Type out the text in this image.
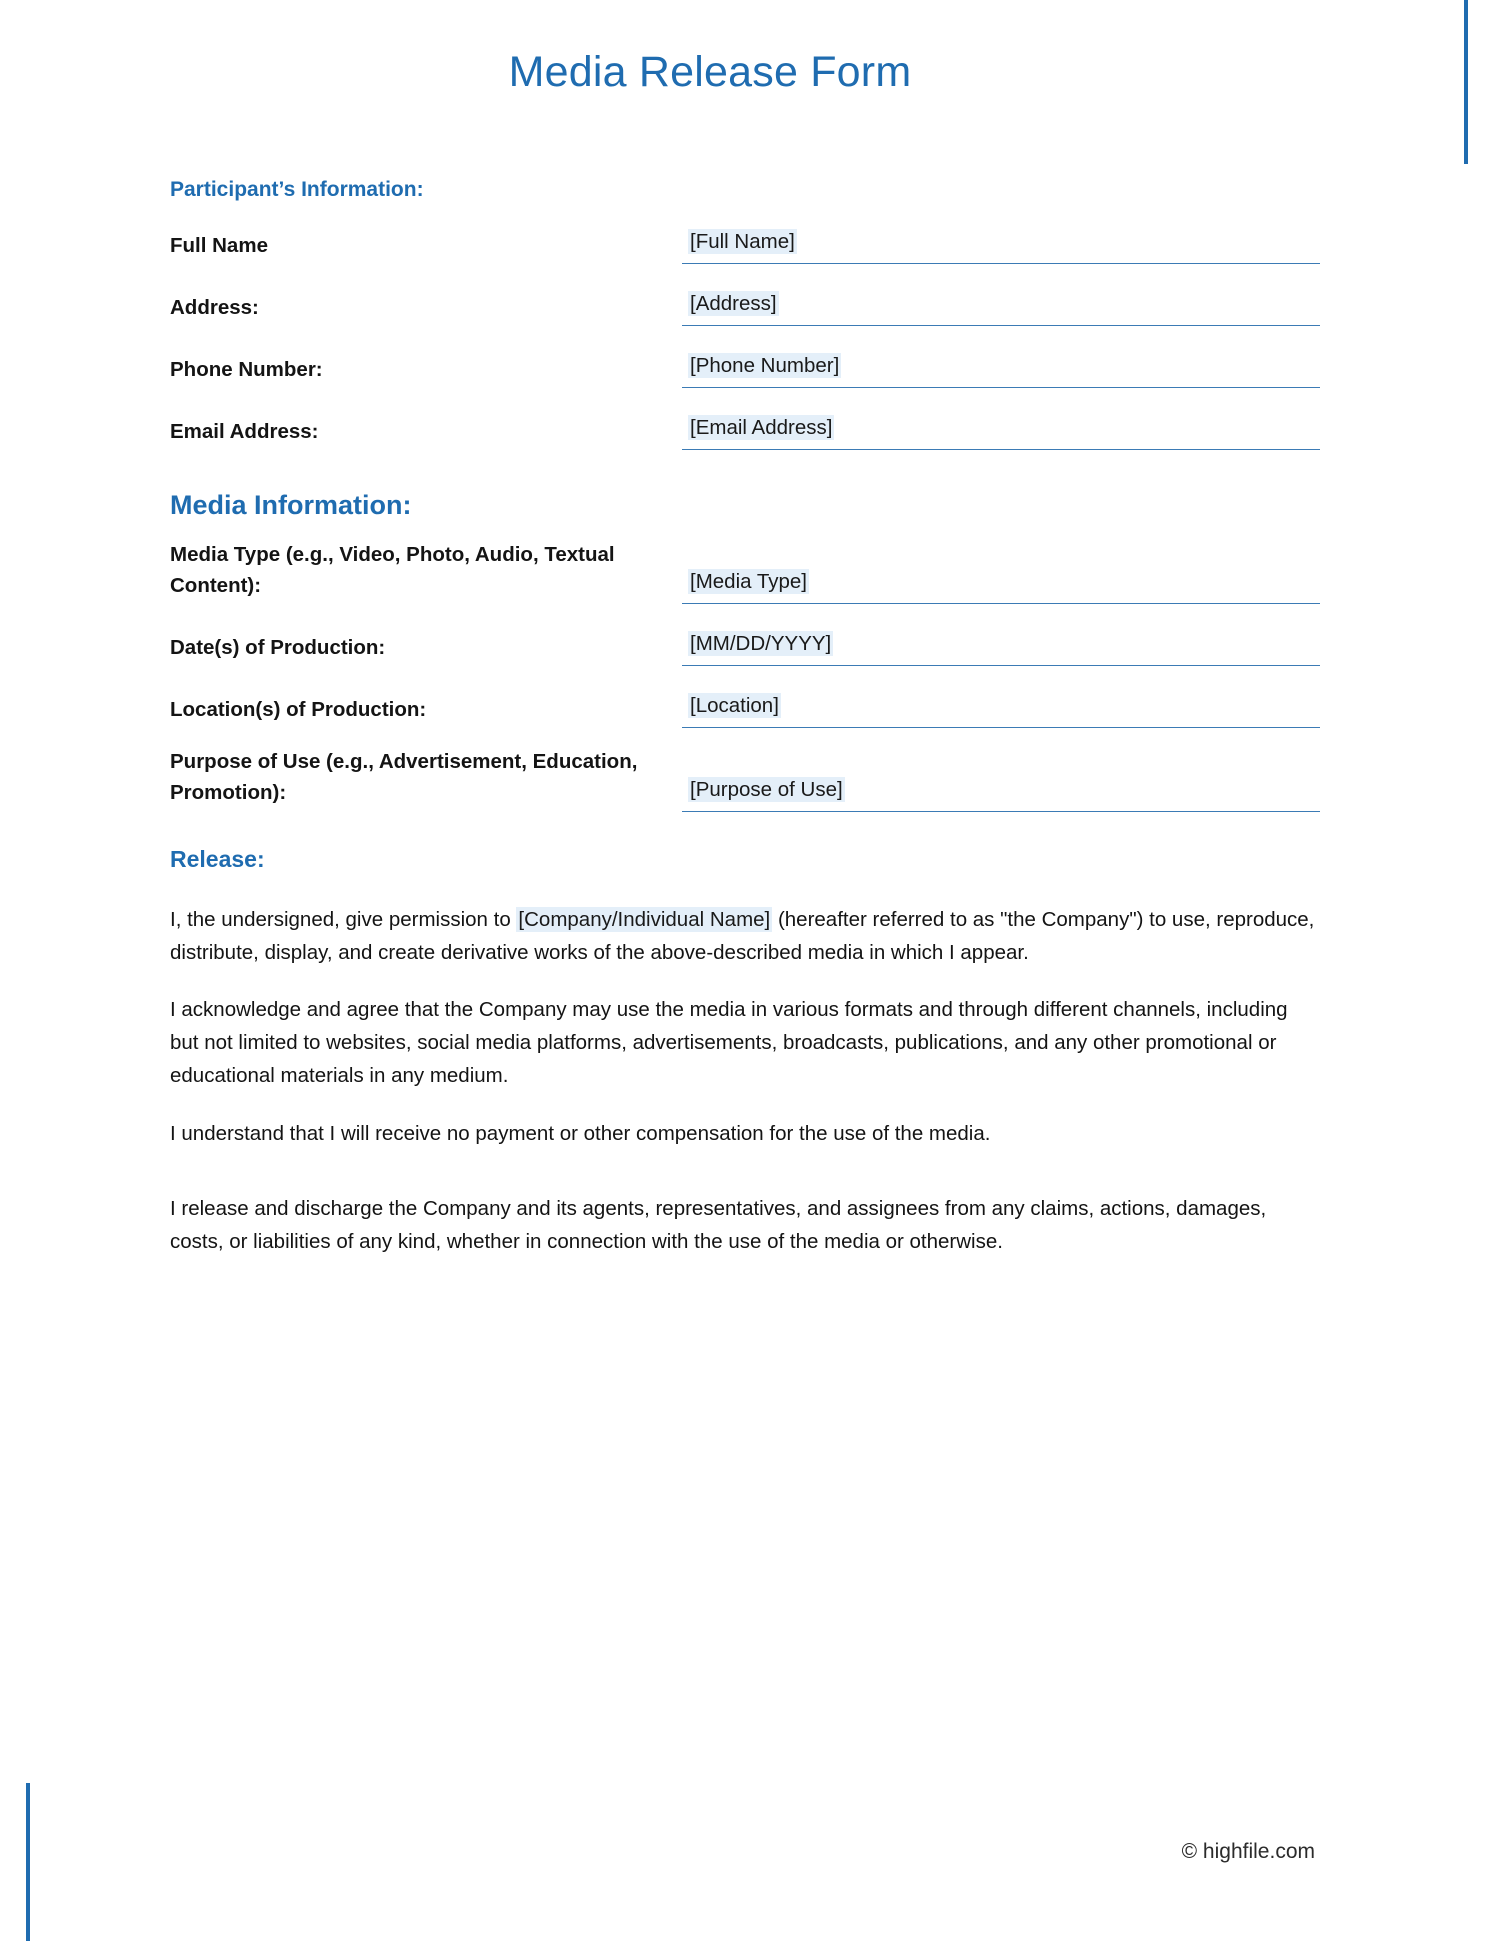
Media Release Form
Participant’s Information:
Full Name	[Full Name]
Address:	[Address]
Phone Number:	[Phone Number]
Email Address:	[Email Address]
Media Information:
Media Type (e.g., Video, Photo, Audio, Textual Content):	[Media Type]
Date(s) of Production:	[MM/DD/YYYY]
Location(s) of Production:	[Location]
Purpose of Use (e.g., Advertisement, Education, Promotion):	[Purpose of Use]
Release:

I, the undersigned, give permission to [Company/Individual Name] (hereafter referred to as "the Company") to use, reproduce, distribute, display, and create derivative works of the above-described media in which I appear.

I acknowledge and agree that the Company may use the media in various formats and through different channels, including but not limited to websites, social media platforms, advertisements, broadcasts, publications, and any other promotional or educational materials in any medium.

I understand that I will receive no payment or other compensation for the use of the media.

I release and discharge the Company and its agents, representatives, and assignees from any claims, actions, damages, costs, or liabilities of any kind, whether in connection with the use of the media or otherwise.

© highfile.com
